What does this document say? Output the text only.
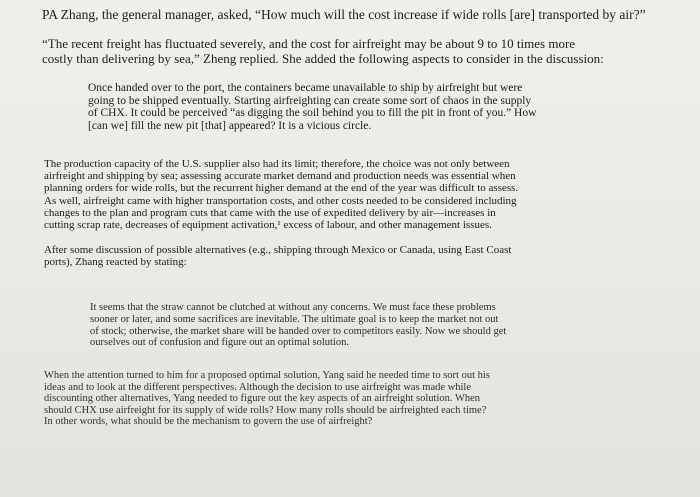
PA Zhang, the general manager, asked, “How much will the cost increase if wide rolls [are] transported by air?”

“The recent freight has fluctuated severely, and the cost for airfreight may be about 9 to 10 times more
costly than delivering by sea,” Zheng replied. She added the following aspects to consider in the discussion:

Once handed over to the port, the containers became unavailable to ship by airfreight but were
going to be shipped eventually. Starting airfreighting can create some sort of chaos in the supply
of CHX. It could be perceived “as digging the soil behind you to fill the pit in front of you.” How
[can we] fill the new pit [that] appeared? It is a vicious circle.

The production capacity of the U.S. supplier also had its limit; therefore, the choice was not only between
airfreight and shipping by sea; assessing accurate market demand and production needs was essential when
planning orders for wide rolls, but the recurrent higher demand at the end of the year was difficult to assess.
As well, airfreight came with higher transportation costs, and other costs needed to be considered including
changes to the plan and program cuts that came with the use of expedited delivery by air—increases in
cutting scrap rate, decreases of equipment activation,¹ excess of labour, and other management issues.

After some discussion of possible alternatives (e.g., shipping through Mexico or Canada, using East Coast
ports), Zhang reacted by stating:

It seems that the straw cannot be clutched at without any concerns. We must face these problems
sooner or later, and some sacrifices are inevitable. The ultimate goal is to keep the market not out
of stock; otherwise, the market share will be handed over to competitors easily. Now we should get
ourselves out of confusion and figure out an optimal solution.

When the attention turned to him for a proposed optimal solution, Yang said he needed time to sort out his
ideas and to look at the different perspectives. Although the decision to use airfreight was made while
discounting other alternatives, Yang needed to figure out the key aspects of an airfreight solution. When
should CHX use airfreight for its supply of wide rolls? How many rolls should be airfreighted each time?
In other words, what should be the mechanism to govern the use of airfreight?
